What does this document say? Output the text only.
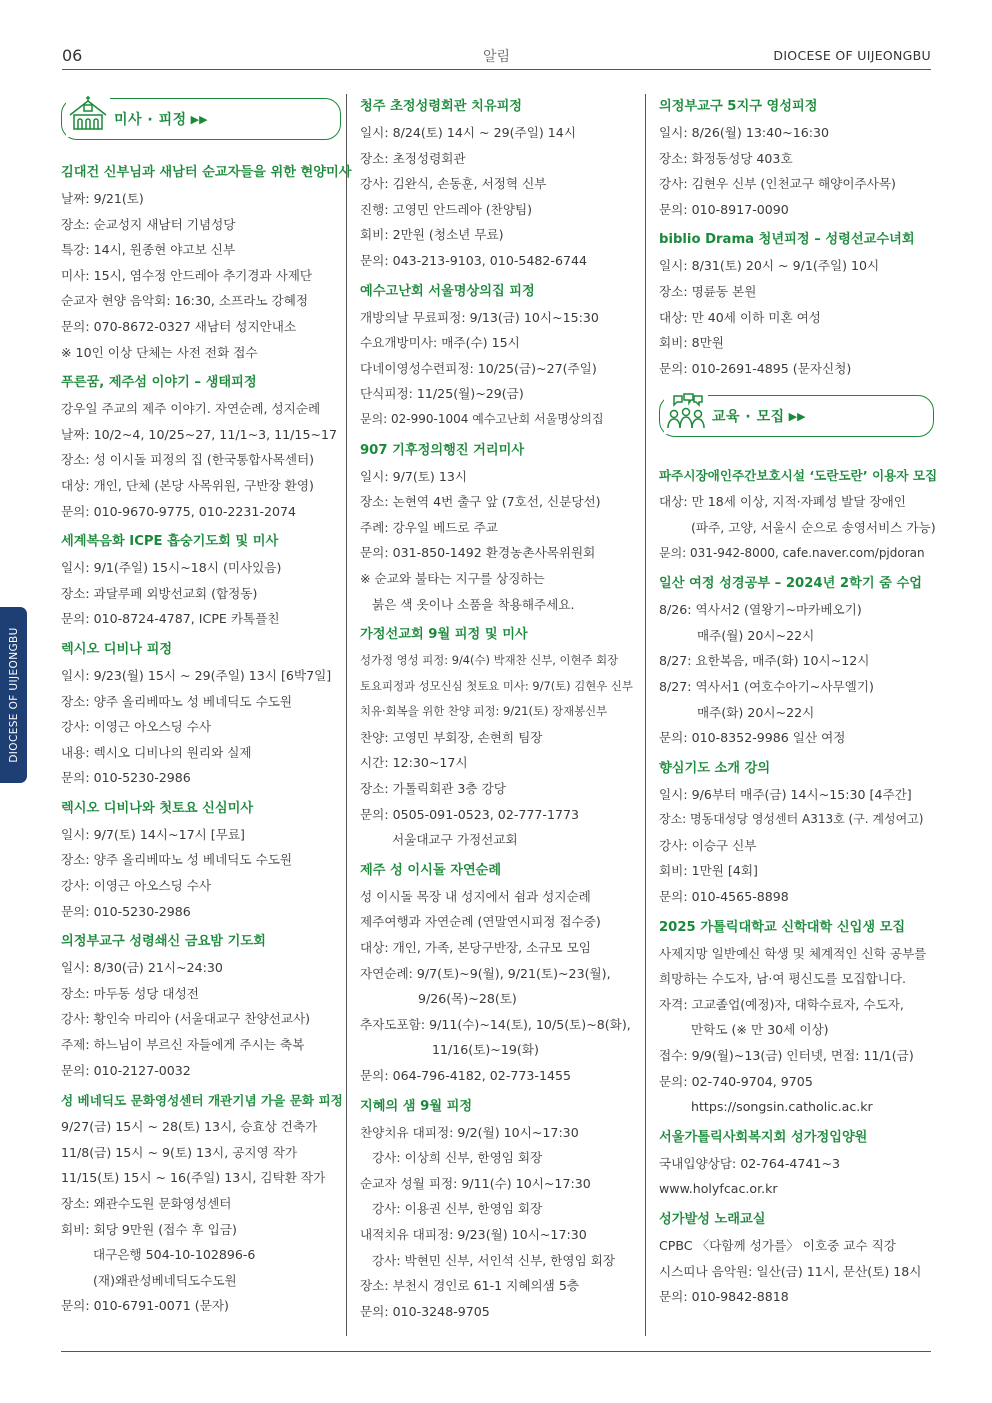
06	알림	DIOCESE OF UIJEONGBU
DIOCESE OF UIJEONGBU
미사 · 피정 ▶▶
김대건 신부님과 새남터 순교자들을 위한 현양미사
날짜: 9/21(토)
장소: 순교성지 새남터 기념성당
특강: 14시, 원종현 야고보 신부
미사: 15시, 염수정 안드레아 추기경과 사제단
순교자 현양 음악회: 16:30, 소프라노 강혜정
문의: 070-8672-0327 새남터 성지안내소
※ 10인 이상 단체는 사전 전화 접수
푸른꿈, 제주섬 이야기 – 생태피정
강우일 주교의 제주 이야기. 자연순례, 성지순례
날짜: 10/2~4, 10/25~27, 11/1~3, 11/15~17
장소: 성 이시돌 피정의 집 (한국통합사목센터)
대상: 개인, 단체 (본당 사목위원, 구반장 환영)
문의: 010-9670-9775, 010-2231-2074
세계복음화 ICPE 흡숭기도회 및 미사
일시: 9/1(주일) 15시~18시 (미사있음)
장소: 과달루페 외방선교회 (합정동)
문의: 010-8724-4787, ICPE 카톡플친
렉시오 디비나 피정
일시: 9/23(월) 15시 ~ 29(주일) 13시 [6박7일]
장소: 양주 올리베따노 성 베네딕도 수도원
강사: 이영근 아오스딩 수사
내용: 렉시오 디비나의 원리와 실제
문의: 010-5230-2986
렉시오 디비나와 첫토요 신심미사
일시: 9/7(토) 14시~17시 [무료]
장소: 양주 올리베따노 성 베네딕도 수도원
강사: 이영근 아오스딩 수사
문의: 010-5230-2986
의정부교구 성령쇄신 금요밤 기도회
일시: 8/30(금) 21시~24:30
장소: 마두동 성당 대성전
강사: 황인숙 마리아 (서울대교구 찬양선교사)
주제: 하느님이 부르신 자들에게 주시는 축복
문의: 010-2127-0032
성 베네딕도 문화영성센터 개관기념 가을 문화 피정
9/27(금) 15시 ~ 28(토) 13시, 승효상 건축가
11/8(금) 15시 ~ 9(토) 13시, 공지영 작가
11/15(토) 15시 ~ 16(주일) 13시, 김탁환 작가
장소: 왜관수도원 문화영성센터
회비: 회당 9만원 (접수 후 입금)
대구은행 504-10-102896-6
(재)왜관성베네딕도수도원
문의: 010-6791-0071 (문자)
청주 초정성령회관 치유피정
일시: 8/24(토) 14시 ~ 29(주일) 14시
장소: 초정성령회관
강사: 김완식, 손동훈, 서정혁 신부
진행: 고영민 안드레아 (찬양팀)
회비: 2만원 (청소년 무료)
문의: 043-213-9103, 010-5482-6744
예수고난회 서울명상의집 피정
개방의날 무료피정: 9/13(금) 10시~15:30
수요개방미사: 매주(수) 15시
다네이영성수련피정: 10/25(금)~27(주일)
단식피정: 11/25(월)~29(금)
문의: 02-990-1004 예수고난회 서울명상의집
907 기후정의행진 거리미사
일시: 9/7(토) 13시
장소: 논현역 4번 출구 앞 (7호선, 신분당선)
주례: 강우일 베드로 주교
문의: 031-850-1492 환경농촌사목위원회
※ 순교와 불타는 지구를 상징하는
붉은 색 옷이나 소품을 착용해주세요.
가정선교회 9월 피정 및 미사
성가정 영성 피정: 9/4(수) 박재찬 신부, 이현주 회장
토요피정과 성모신심 첫토요 미사: 9/7(토) 김현우 신부
치유·회복을 위한 찬양 피정: 9/21(토) 장재봉신부
찬양: 고영민 부회장, 손현희 팀장
시간: 12:30~17시
장소: 가톨릭회관 3층 강당
문의: 0505-091-0523, 02-777-1773
서울대교구 가정선교회
제주 성 이시돌 자연순례
성 이시돌 목장 내 성지에서 쉼과 성지순례
제주여행과 자연순례 (연말연시피정 접수중)
대상: 개인, 가족, 본당구반장, 소규모 모임
자연순례: 9/7(토)~9(월), 9/21(토)~23(월),
9/26(목)~28(토)
추자도포함: 9/11(수)~14(토), 10/5(토)~8(화),
11/16(토)~19(화)
문의: 064-796-4182, 02-773-1455
지혜의 샘 9월 피정
찬양치유 대피정: 9/2(월) 10시~17:30
강사: 이상희 신부, 한영임 회장
순교자 성월 피정: 9/11(수) 10시~17:30
강사: 이용권 신부, 한영임 회장
내적치유 대피정: 9/23(월) 10시~17:30
강사: 박현민 신부, 서인석 신부, 한영임 회장
장소: 부천시 경인로 61-1 지혜의샘 5층
문의: 010-3248-9705
의정부교구 5지구 영성피정
일시: 8/26(월) 13:40~16:30
장소: 화정동성당 403호
강사: 김현우 신부 (인천교구 해양이주사목)
문의: 010-8917-0090
biblio Drama 청년피정 – 성령선교수녀회
일시: 8/31(토) 20시 ~ 9/1(주일) 10시
장소: 명륜동 본원
대상: 만 40세 이하 미혼 여성
회비: 8만원
문의: 010-2691-4895 (문자신청)
교육 · 모집 ▶▶
파주시장애인주간보호시설 ‘도란도란’ 이용자 모집
대상: 만 18세 이상, 지적·자폐성 발달 장애인
(파주, 고양, 서울시 순으로 송영서비스 가능)
문의: 031-942-8000, cafe.naver.com/pjdoran
일산 여정 성경공부 – 2024년 2학기 줌 수업
8/26: 역사서2 (열왕기~마카베오기)
매주(월) 20시~22시
8/27: 요한복음, 매주(화) 10시~12시
8/27: 역사서1 (여호수아기~사무엘기)
매주(화) 20시~22시
문의: 010-8352-9986 일산 여정
향심기도 소개 강의
일시: 9/6부터 매주(금) 14시~15:30 [4주간]
장소: 명동대성당 영성센터 A313호 (구. 계성여고)
강사: 이승구 신부
회비: 1만원 [4회]
문의: 010-4565-8898
2025 가톨릭대학교 신학대학 신입생 모집
사제지망 일반예신 학생 및 체계적인 신학 공부를
희망하는 수도자, 남·여 평신도를 모집합니다.
자격: 고교졸업(예정)자, 대학수료자, 수도자,
만학도 (※ 만 30세 이상)
접수: 9/9(월)~13(금) 인터넷, 면접: 11/1(금)
문의: 02-740-9704, 9705
https://songsin.catholic.ac.kr
서울가톨릭사회복지회 성가정입양원
국내입양상담: 02-764-4741~3
www.holyfcac.or.kr
성가발성 노래교실
CPBC 〈다함께 성가를〉 이호중 교수 직강
시스띠나 음악원: 일산(금) 11시, 문산(토) 18시
문의: 010-9842-8818
